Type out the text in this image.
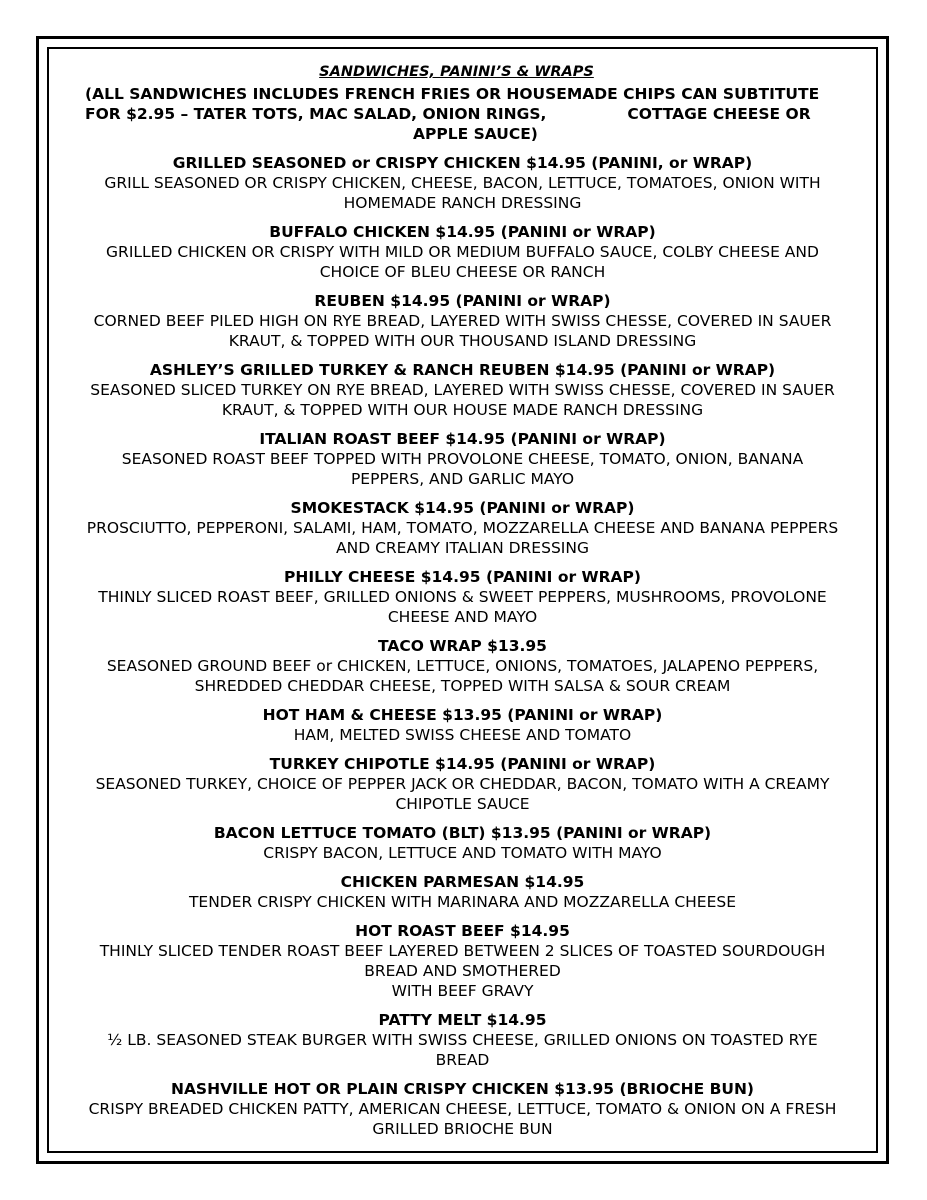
SANDWICHES, PANINI’S & WRAPS
(ALL SANDWICHES INCLUDES FRENCH FRIES OR HOUSEMADE CHIPS CAN SUBTITUTE
FOR $2.95 – TATER TOTS, MAC SALAD, ONION RINGS,               COTTAGE CHEESE OR
APPLE SAUCE)
GRILLED SEASONED or CRISPY CHICKEN $14.95 (PANINI, or WRAP)
GRILL SEASONED OR CRISPY CHICKEN, CHEESE, BACON, LETTUCE, TOMATOES, ONION WITH
HOMEMADE RANCH DRESSING
BUFFALO CHICKEN $14.95 (PANINI or WRAP)
GRILLED CHICKEN OR CRISPY WITH MILD OR MEDIUM BUFFALO SAUCE, COLBY CHEESE AND
CHOICE OF BLEU CHEESE OR RANCH
REUBEN $14.95 (PANINI or WRAP)
CORNED BEEF PILED HIGH ON RYE BREAD, LAYERED WITH SWISS CHESSE, COVERED IN SAUER
KRAUT, & TOPPED WITH OUR THOUSAND ISLAND DRESSING
ASHLEY’S GRILLED TURKEY & RANCH REUBEN $14.95 (PANINI or WRAP)
SEASONED SLICED TURKEY ON RYE BREAD, LAYERED WITH SWISS CHESSE, COVERED IN SAUER
KRAUT, & TOPPED WITH OUR HOUSE MADE RANCH DRESSING
ITALIAN ROAST BEEF $14.95 (PANINI or WRAP)
SEASONED ROAST BEEF TOPPED WITH PROVOLONE CHEESE, TOMATO, ONION, BANANA
PEPPERS, AND GARLIC MAYO
SMOKESTACK $14.95 (PANINI or WRAP)
PROSCIUTTO, PEPPERONI, SALAMI, HAM, TOMATO, MOZZARELLA CHEESE AND BANANA PEPPERS
AND CREAMY ITALIAN DRESSING
PHILLY CHEESE $14.95 (PANINI or WRAP)
THINLY SLICED ROAST BEEF, GRILLED ONIONS & SWEET PEPPERS, MUSHROOMS, PROVOLONE
CHEESE AND MAYO
TACO WRAP $13.95
SEASONED GROUND BEEF or CHICKEN, LETTUCE, ONIONS, TOMATOES, JALAPENO PEPPERS,
SHREDDED CHEDDAR CHEESE, TOPPED WITH SALSA & SOUR CREAM
HOT HAM & CHEESE $13.95 (PANINI or WRAP)
HAM, MELTED SWISS CHEESE AND TOMATO
TURKEY CHIPOTLE $14.95 (PANINI or WRAP)
SEASONED TURKEY, CHOICE OF PEPPER JACK OR CHEDDAR, BACON, TOMATO WITH A CREAMY
CHIPOTLE SAUCE
BACON LETTUCE TOMATO (BLT) $13.95 (PANINI or WRAP)
CRISPY BACON, LETTUCE AND TOMATO WITH MAYO
CHICKEN PARMESAN $14.95
TENDER CRISPY CHICKEN WITH MARINARA AND MOZZARELLA CHEESE
HOT ROAST BEEF $14.95
THINLY SLICED TENDER ROAST BEEF LAYERED BETWEEN 2 SLICES OF TOASTED SOURDOUGH
BREAD AND SMOTHERED
WITH BEEF GRAVY
PATTY MELT $14.95
½ LB. SEASONED STEAK BURGER WITH SWISS CHEESE, GRILLED ONIONS ON TOASTED RYE
BREAD
NASHVILLE HOT OR PLAIN CRISPY CHICKEN $13.95 (BRIOCHE BUN)
CRISPY BREADED CHICKEN PATTY, AMERICAN CHEESE, LETTUCE, TOMATO & ONION ON A FRESH
GRILLED BRIOCHE BUN
